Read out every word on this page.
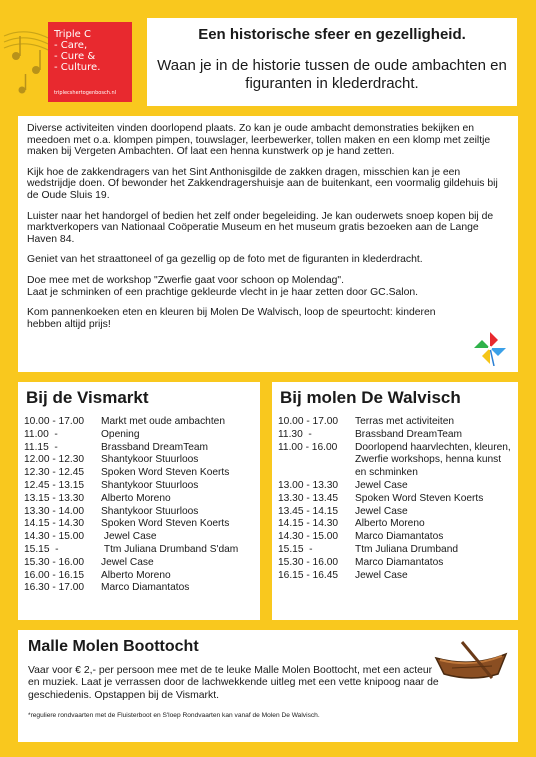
Triple C
- Care,
- Cure &
- Culture.
triplecshertogenbosch.nl
Een historische sfeer en gezelligheid.
Waan je in de historie tussen de oude ambachten en figuranten in klederdracht.

Diverse activiteiten vinden doorlopend plaats. Zo kan je oude ambacht demonstraties bekijken en meedoen met o.a. klompen pimpen, touwslager, leerbewerker, tollen maken en een klomp met zeiltje maken bij Vergeten Ambachten. Of laat een henna kunstwerk op je hand zetten.

Kijk hoe de zakkendragers van het Sint Anthonisgilde de zakken dragen, misschien kan je een wedstrijdje doen. Of bewonder het Zakkendragershuisje aan de buitenkant, een voormalig gildehuis bij de Oude Sluis 19.

Luister naar het handorgel of bedien het zelf onder begeleiding. Je kan ouderwets snoep kopen bij de marktverkopers van Nationaal Coöperatie Museum en het museum gratis bezoeken aan de Lange Haven 84.

Geniet van het straattoneel of ga gezellig op de foto met de figuranten in klederdracht.

Doe mee met de workshop "Zwerfie gaat voor schoon op Molendag".
Laat je schminken of een prachtige gekleurde vlecht in je haar zetten door GC.Salon.

Kom pannenkoeken eten en kleuren bij Molen De Walvisch, loop de speurtocht: kinderen hebben altijd prijs!

Bij de Vismarkt
10.00 - 17.00	Markt met oude ambachten
11.00  -	Opening
11.15  -	Brassband DreamTeam
12.00 - 12.30	Shantykoor Stuurloos
12.30 - 12.45	Spoken Word Steven Koerts
12.45 - 13.15	Shantykoor Stuurloos
13.15 - 13.30	Alberto Moreno
13.30 - 14.00	Shantykoor Stuurloos
14.15 - 14.30	Spoken Word Steven Koerts
14.30 - 15.00	Jewel Case
15.15  -	Ttm Juliana Drumband S'dam
15.30 - 16.00	Jewel Case
16.00 - 16.15	Alberto Moreno
16.30 - 17.00	Marco Diamantatos
Bij molen De Walvisch
10.00 - 17.00	Terras met activiteiten
11.30  -	Brassband DreamTeam
11.00 - 16.00	Doorlopend haarvlechten, kleuren, Zwerfie workshops, henna kunst en schminken
13.00 - 13.30	Jewel Case
13.30 - 13.45	Spoken Word Steven Koerts
13.45 - 14.15	Jewel Case
14.15 - 14.30	Alberto Moreno
14.30 - 15.00	Marco Diamantatos
15.15  -	Ttm Juliana Drumband
15.30 - 16.00	Marco Diamantatos
16.15 - 16.45	Jewel Case
Malle Molen Boottocht
Vaar voor € 2,- per persoon mee met de te leuke Malle Molen Boottocht, met een acteur en muziek. Laat je verrassen door de lachwekkende uitleg met een vette knipoog naar de geschiedenis. Opstappen bij de Vismarkt.
*reguliere rondvaarten met de Fluisterboot en S'loep Rondvaarten kan vanaf de Molen De Walvisch.
